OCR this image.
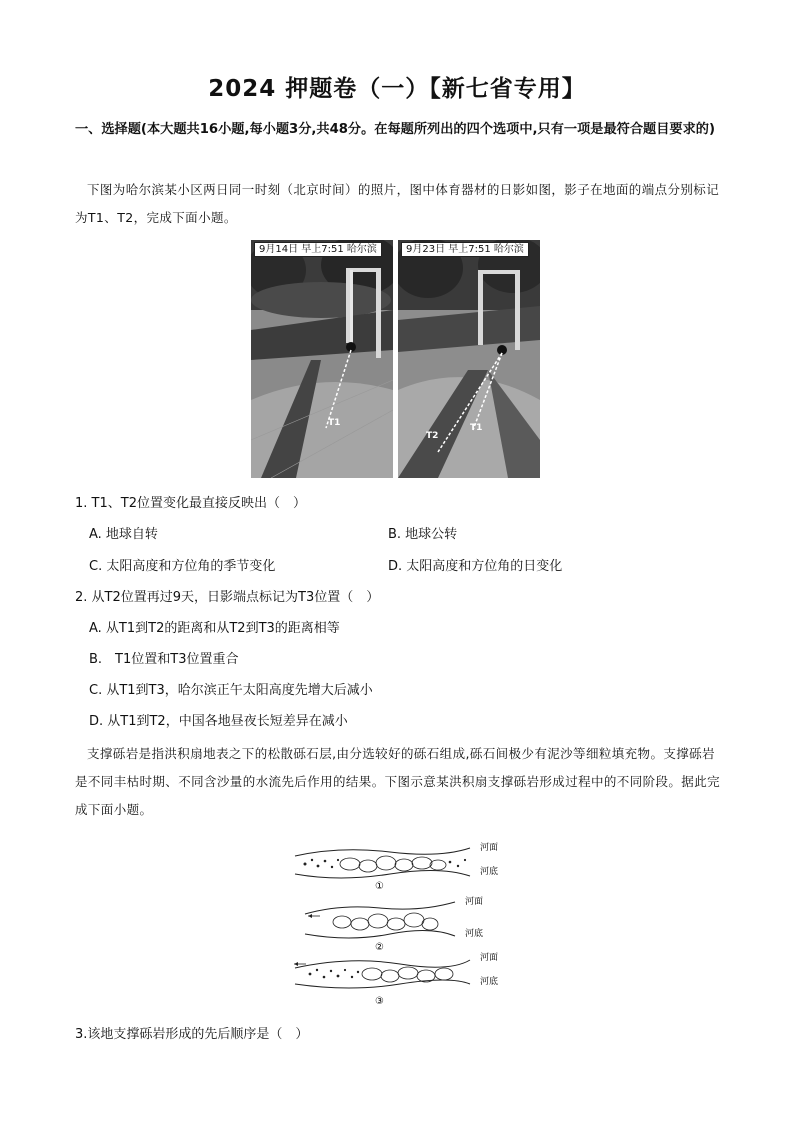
2024 押题卷（一）【新七省专用】
一、选择题(本大题共16小题,每小题3分,共48分。在每题所列出的四个选项中,只有一项是最符合题目要求的)
下图为哈尔滨某小区两日同一时刻（北京时间）的照片，图中体育器材的日影如图，影子在地面的端点分别标记为T1、T2，完成下面小题。
9月14日 早上7:51 哈尔滨
T1
9月23日 早上7:51 哈尔滨
T1
T2
1. T1、T2位置变化最直接反映出（　）
A. 地球自转	B. 地球公转
C. 太阳高度和方位角的季节变化	D. 太阳高度和方位角的日变化
2. 从T2位置再过9天，日影端点标记为T3位置（　）
A. 从T1到T2的距离和从T2到T3的距离相等
B.　T1位置和T3位置重合
C. 从T1到T3，哈尔滨正午太阳高度先增大后减小
D. 从T1到T2，中国各地昼夜长短差异在减小
支撑砾岩是指洪积扇地表之下的松散砾石层,由分选较好的砾石组成,砾石间极少有泥沙等细粒填充物。支撑砾岩是不同丰枯时期、不同含沙量的水流先后作用的结果。下图示意某洪积扇支撑砾岩形成过程中的不同阶段。据此完成下面小题。
河面
河底
①
河面
河底
②
河面
河底
③
3.该地支撑砾岩形成的先后顺序是（　）
